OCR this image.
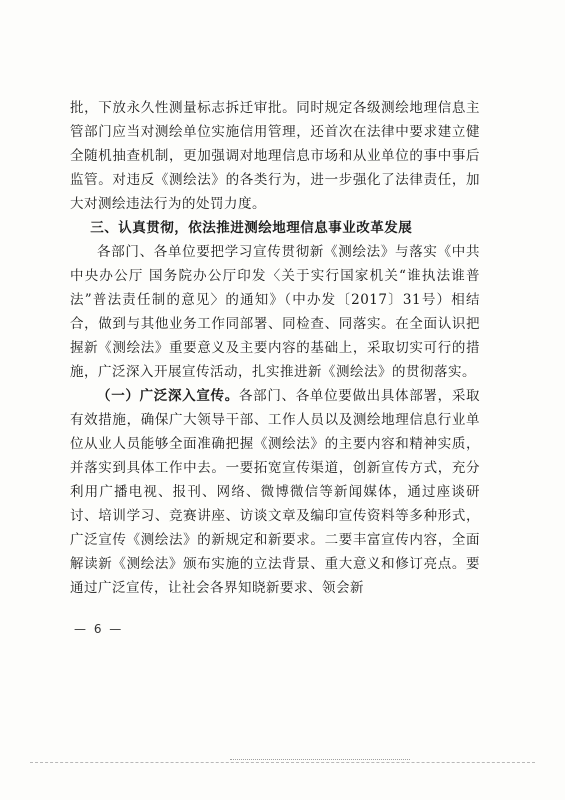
批，下放永久性测量标志拆迁审批。同时规定各级测绘地理信息主管部门应当对测绘单位实施信用管理，还首次在法律中要求建立健全随机抽查机制，更加强调对地理信息市场和从业单位的事中事后监管。对违反《测绘法》的各类行为，进一步强化了法律责任，加大对测绘违法行为的处罚力度。

三、认真贯彻，依法推进测绘地理信息事业改革发展

各部门、各单位要把学习宣传贯彻新《测绘法》与落实《中共中央办公厅 国务院办公厅印发〈关于实行国家机关“谁执法谁普法”普法责任制的意见〉的通知》（中办发〔2017〕31号）相结合，做到与其他业务工作同部署、同检查、同落实。在全面认识把握新《测绘法》重要意义及主要内容的基础上，采取切实可行的措施，广泛深入开展宣传活动，扎实推进新《测绘法》的贯彻落实。

（一）广泛深入宣传。各部门、各单位要做出具体部署，采取有效措施，确保广大领导干部、工作人员以及测绘地理信息行业单位从业人员能够全面准确把握《测绘法》的主要内容和精神实质，并落实到具体工作中去。一要拓宽宣传渠道，创新宣传方式，充分利用广播电视、报刊、网络、微博微信等新闻媒体，通过座谈研讨、培训学习、竞赛讲座、访谈文章及编印宣传资料等多种形式，广泛宣传《测绘法》的新规定和新要求。二要丰富宣传内容，全面解读新《测绘法》颁布实施的立法背景、重大意义和修订亮点。要通过广泛宣传，让社会各界知晓新要求、领会新

— 6 —
